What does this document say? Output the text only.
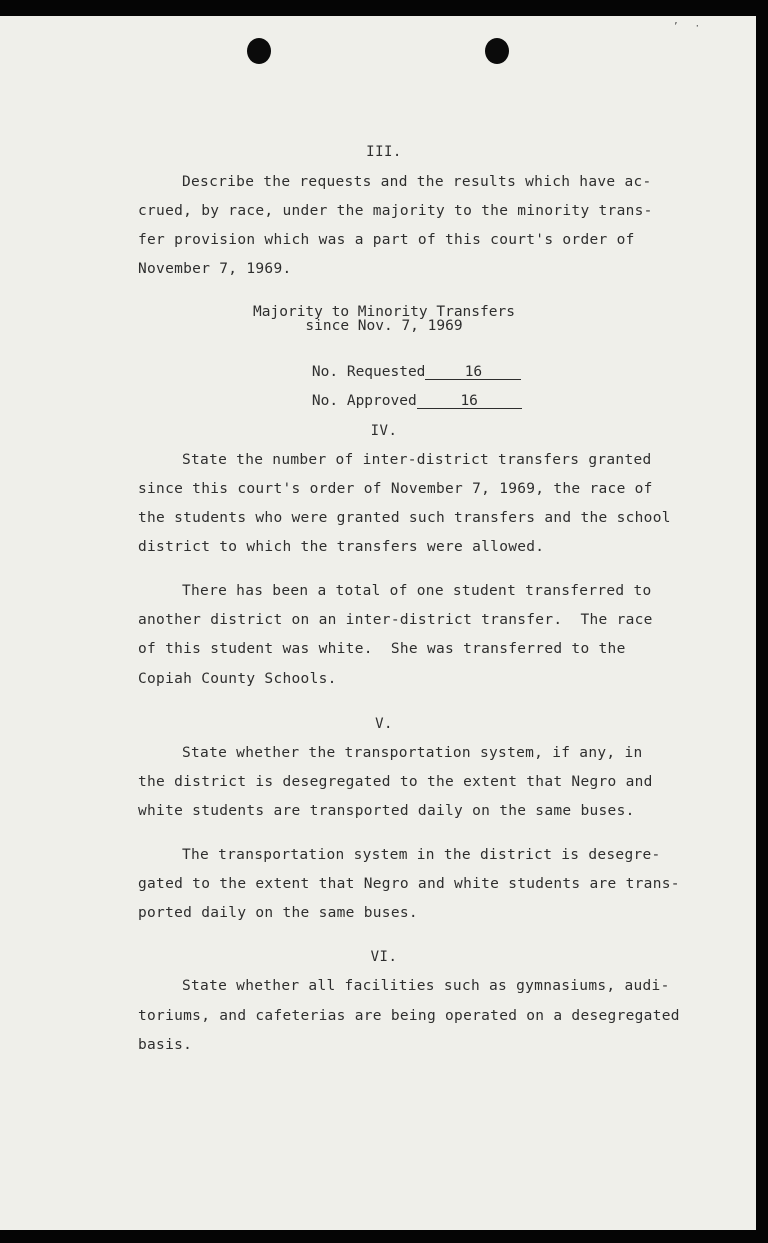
’   ·
III.
Describe the requests and the results which have ac-
crued, by race, under the majority to the minority trans-
fer provision which was a part of this court's order of
November 7, 1969.
Majority to Minority Transfers
since Nov. 7, 1969

No. Requested	16

No. Approved	16

IV.
State the number of inter-district transfers granted
since this court's order of November 7, 1969, the race of
the students who were granted such transfers and the school
district to which the transfers were allowed.
There has been a total of one student transferred to
another district on an inter-district transfer.  The race
of this student was white.  She was transferred to the
Copiah County Schools.
V.
State whether the transportation system, if any, in
the district is desegregated to the extent that Negro and
white students are transported daily on the same buses.
The transportation system in the district is desegre-
gated to the extent that Negro and white students are trans-
ported daily on the same buses.
VI.
State whether all facilities such as gymnasiums, audi-
toriums, and cafeterias are being operated on a desegregated
basis.
